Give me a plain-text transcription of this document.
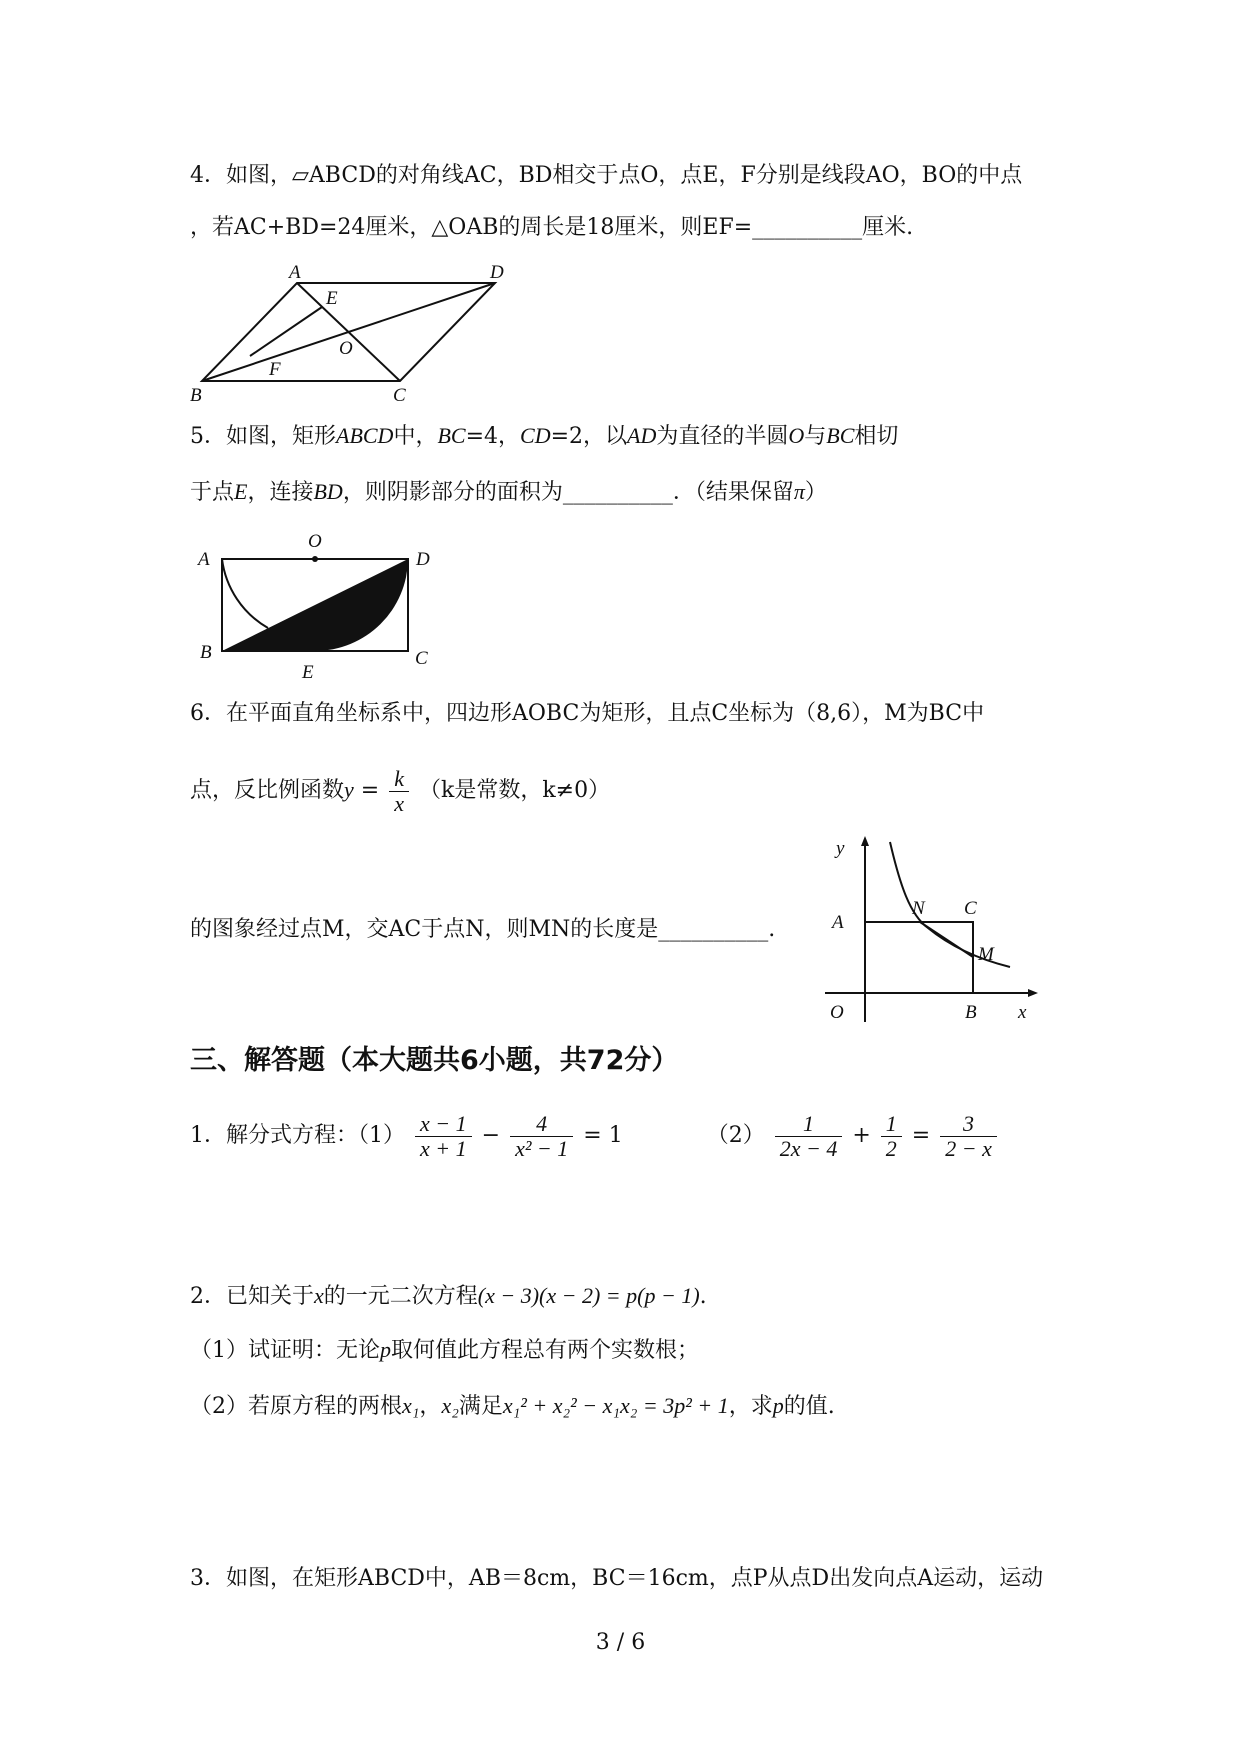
4．如图，▱ABCD的对角线AC，BD相交于点O，点E，F分别是线段AO，BO的中点
，若AC+BD=24厘米，△OAB的周长是18厘米，则EF=__________厘米.
A	D
E
O
F
B	C
5．如图，矩形ABCD中，BC=4，CD=2，以AD为直径的半圆O与BC相切
于点E，连接BD，则阴影部分的面积为__________．（结果保留π）
A
O
D
B
E
C
6．在平面直角坐标系中，四边形AOBC为矩形，且点C坐标为（8,6），M为BC中
点，反比例函数$y = \frac{k}{x} (k$是常数，k≠0）
的图象经过点M，交AC于点N，则MN的长度是__________.
y
x
A
N C
M
O	B
三、解答题（本大题共6小题，共72分）
1．解分式方程：$(1) \frac{x - 1}{x + 1} - \frac{4}{\text{x² − 1}} = 1$	$(2) \frac{1}{2x - 4} + \frac{1}{2} = \frac{3}{2 - x}$
2．已知关于x的一元二次方程(x − 3)(x − 2) = p(p − 1).
（1）试证明：无论p取何值此方程总有两个实数根；
（2）若原方程的两根x₁，x₂满足x₁² + x₂² − x₁x₂ = 3p² + 1，求p的值.
3．如图，在矩形ABCD中，AB＝8cm，BC＝16cm，点P从点D出发向点A运动，运动
3 / 6
